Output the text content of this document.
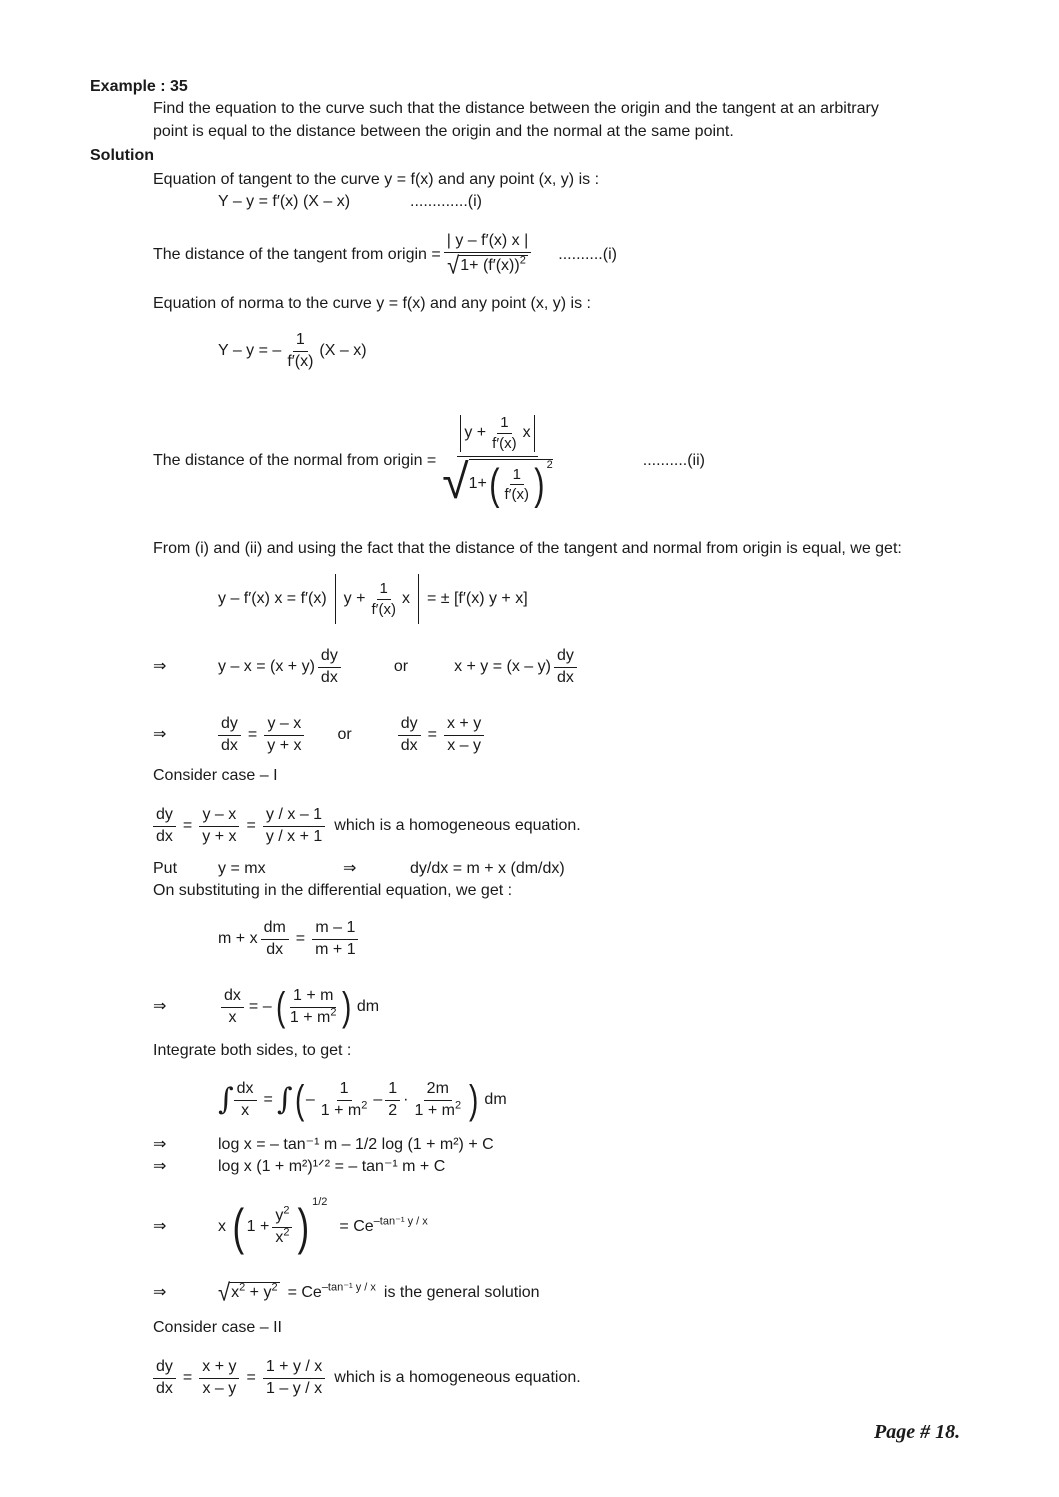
Example : 35
Find the equation to the curve such that the distance between the origin and the tangent at an arbitrary
point is equal to the distance between the origin and the normal at the same point.
Solution
Equation of tangent to the curve y = f(x) and any point (x, y) is :
Y – y = f′(x) (X – x)	.............(i)
The distance of the tangent from origin = $\frac{| y - f'(x) x |}{√ 1+ (f'(x))^2} ..........(i)$
Equation of norma to the curve y = f(x) and any point (x, y) is :
Y – y = – $\frac{1}{f'(x)} (X - x)$
The distance of the normal from origin = $\frac{y + \frac{1}{f'(x)} x}{√ 1+ ( \frac{1}{f'(x)} ) 2}$	..........(ii)
From (i) and (ii) and using the fact that the distance of the tangent and normal from origin is equal, we get:
y – f′(x) x = f′(x)	$y + \frac{1}{f'(x)}$ x	= ± [f′(x) y + x]
⇒	$y - x = (x + y) \frac{dy}{dx}$	or	$x + y = (x - y) \frac{dy}{dx}$
⇒	$\frac{dy}{dx} = \frac{y - x}{y + x}$ or	$\frac{dy}{dx} = \frac{x + y}{x - y}$
Consider case – I
$\frac{dy}{dx} = \frac{y - x}{y + x} = \frac{y / x - 1}{y / x + 1}$ which is a homogeneous equation.
Put	y = mx	⇒	dy/dx = m + x (dm/dx)
On substituting in the differential equation, we get :
m + x $\frac{dm}{dx} = \frac{m - 1}{m + 1}$
⇒	$\frac{dx}{x}$ = – ( $\frac{1 + m}{1 + m^2}$ ) dm
Integrate both sides, to get :
∫ $\frac{dx}{x}$ = ∫ ( – $\frac{1}{1 + m^2} - \frac{1}{2} \cdot \frac{2m}{1 + m^2}$ ) dm
⇒	log x = – tan⁻¹ m – 1/2 log (1 + m²) + C
⇒	log x (1 + m²)¹ᐟ² = – tan⁻¹ m + C
⇒	x ( $1 + \frac{y^2}{x^2}$ ) 1/2
= $Ce^{-tan^{-1} y / x}$
⇒	√ $x^2 + y^2 = Ce^{-tan^{-1} y / x}$ is the general solution
Consider case – II
$\frac{dy}{dx} = \frac{x + y}{x - y} = \frac{1 + y / x}{1 - y / x}$ which is a homogeneous equation.
Page # 18.
